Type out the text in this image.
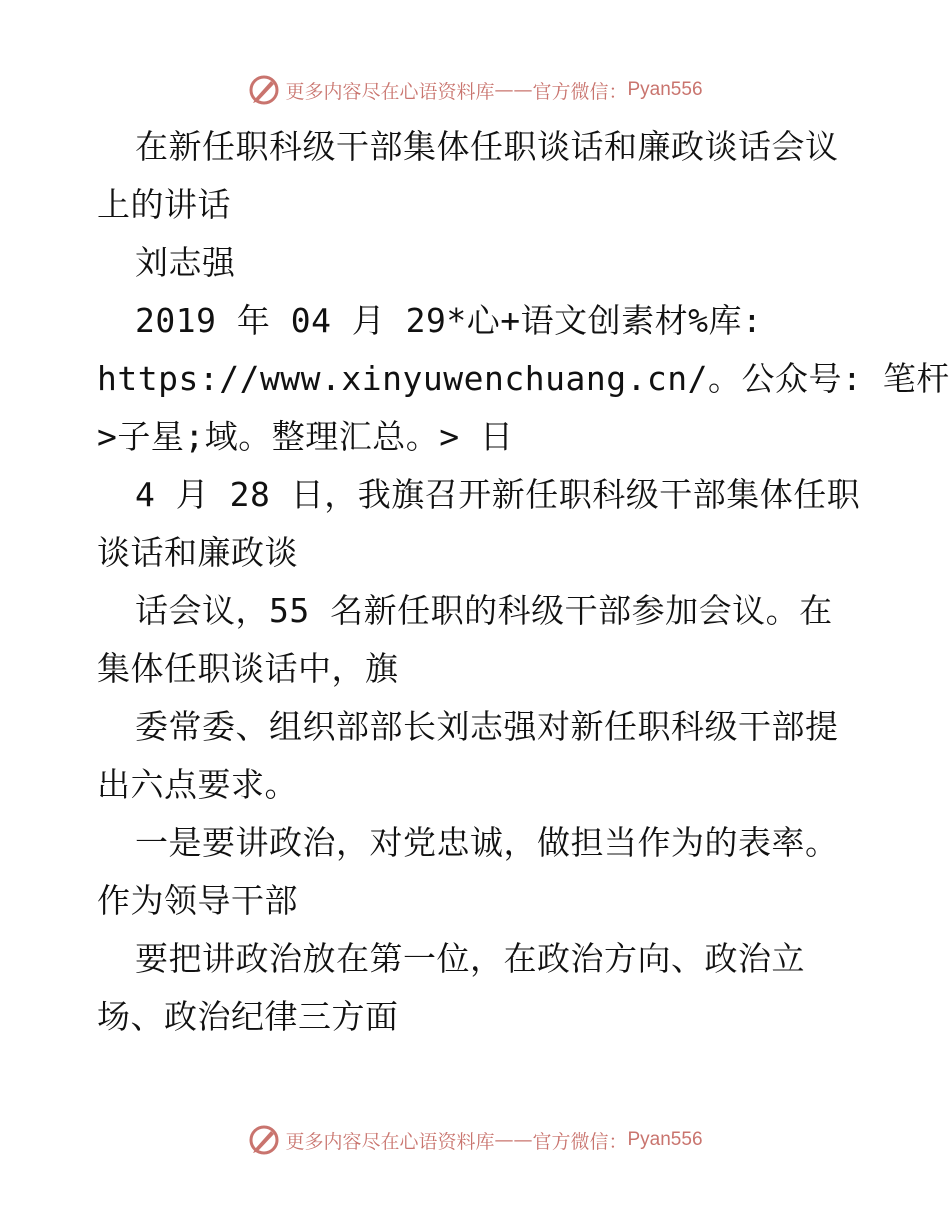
更多内容尽在心语资料库 —— 官方微信： Pyan556
在新任职科级干部集体任职谈话和廉政谈话会议
上的讲话
刘志强
2019 年 04 月 29*心+语文创素材%库:
https://www.xinyuwenchuang.cn/。公众号: 笔杆
>子星;域。整理汇总。> 日
4 月 28 日，我旗召开新任职科级干部集体任职
谈话和廉政谈
话会议，55 名新任职的科级干部参加会议。在
集体任职谈话中，旗
委常委、组织部部长刘志强对新任职科级干部提
出六点要求。
一是要讲政治，对党忠诚，做担当作为的表率。
作为领导干部
要把讲政治放在第一位，在政治方向、政治立
场、政治纪律三方面
更多内容尽在心语资料库 —— 官方微信： Pyan556
